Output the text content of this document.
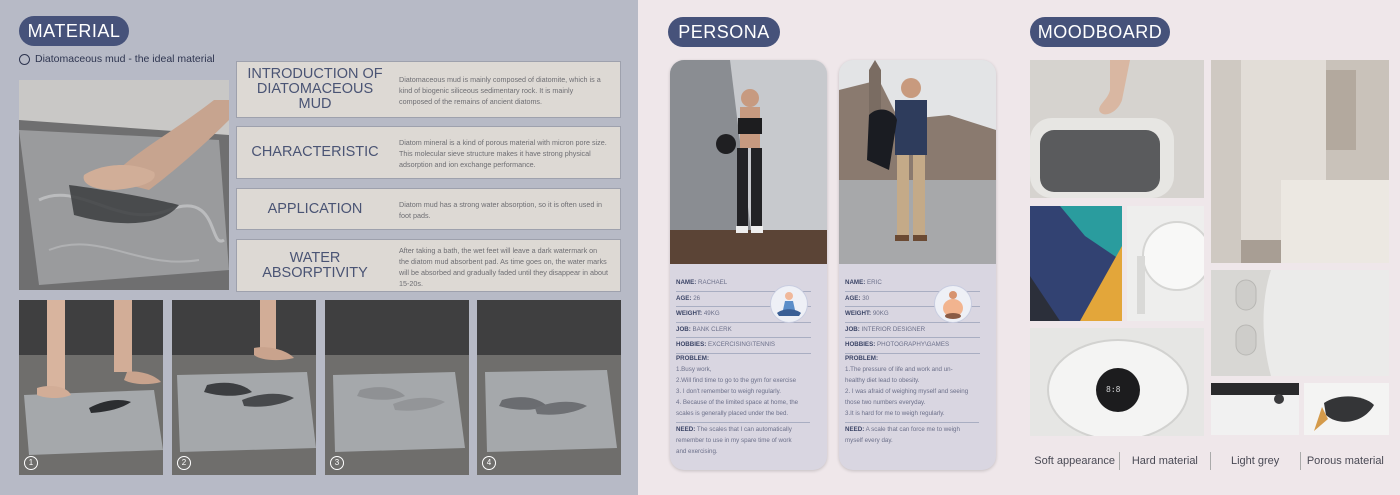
MATERIAL
Diatomaceous mud - the ideal material
INTRODUCTION OF DIATOMACEOUS MUD
Diatomaceous mud is mainly composed of diatomite, which is a kind of biogenic siliceous sedimentary rock. It is mainly composed of the remains of ancient diatoms.
CHARACTERISTIC
Diatom mineral is a kind of porous material with micron pore size. This molecular sieve structure makes it have strong physical adsorption and ion exchange performance.
APPLICATION	Diatom mud has a strong water absorption, so it is often used in foot pads.
WATER ABSORPTIVITY
After taking a bath, the wet feet will leave a dark watermark on the diatom mud absorbent pad. As time goes on, the water marks will be absorbed and gradually faded until they disappear in about 15-20s.
1	2	3	4
PERSONA
NAME: RACHAEL
AGE: 26
WEIGHT: 49KG
JOB: BANK CLERK
HOBBIES: EXCERCISING\TENNIS
PROBLEM:
1.Busy work,
2.Will find time to go to the gym for exercise
3. I don't remember to weigh regularly.
4. Because of the limited space at home, the
scales is generally placed under the bed.
NEED: The scales that I can automatically
remember to use in my spare time of work
and exercising.
NAME: ERIC
AGE: 30
WEIGHT: 90KG
JOB: INTERIOR DESIGNER
HOBBIES: PHOTOGRAPHY\GAMES
PROBLEM:
1.The pressure of life and work and un-
healthy diet lead to obesity.
2. I was afraid of weighing myself and seeing
those two numbers everyday.
3.It is hard for me to weigh regularly.
NEED: A scale that can force me to weigh
myself every day.
MOODBOARD
8:8
Soft appearance	Hard material	Light grey	Porous material
